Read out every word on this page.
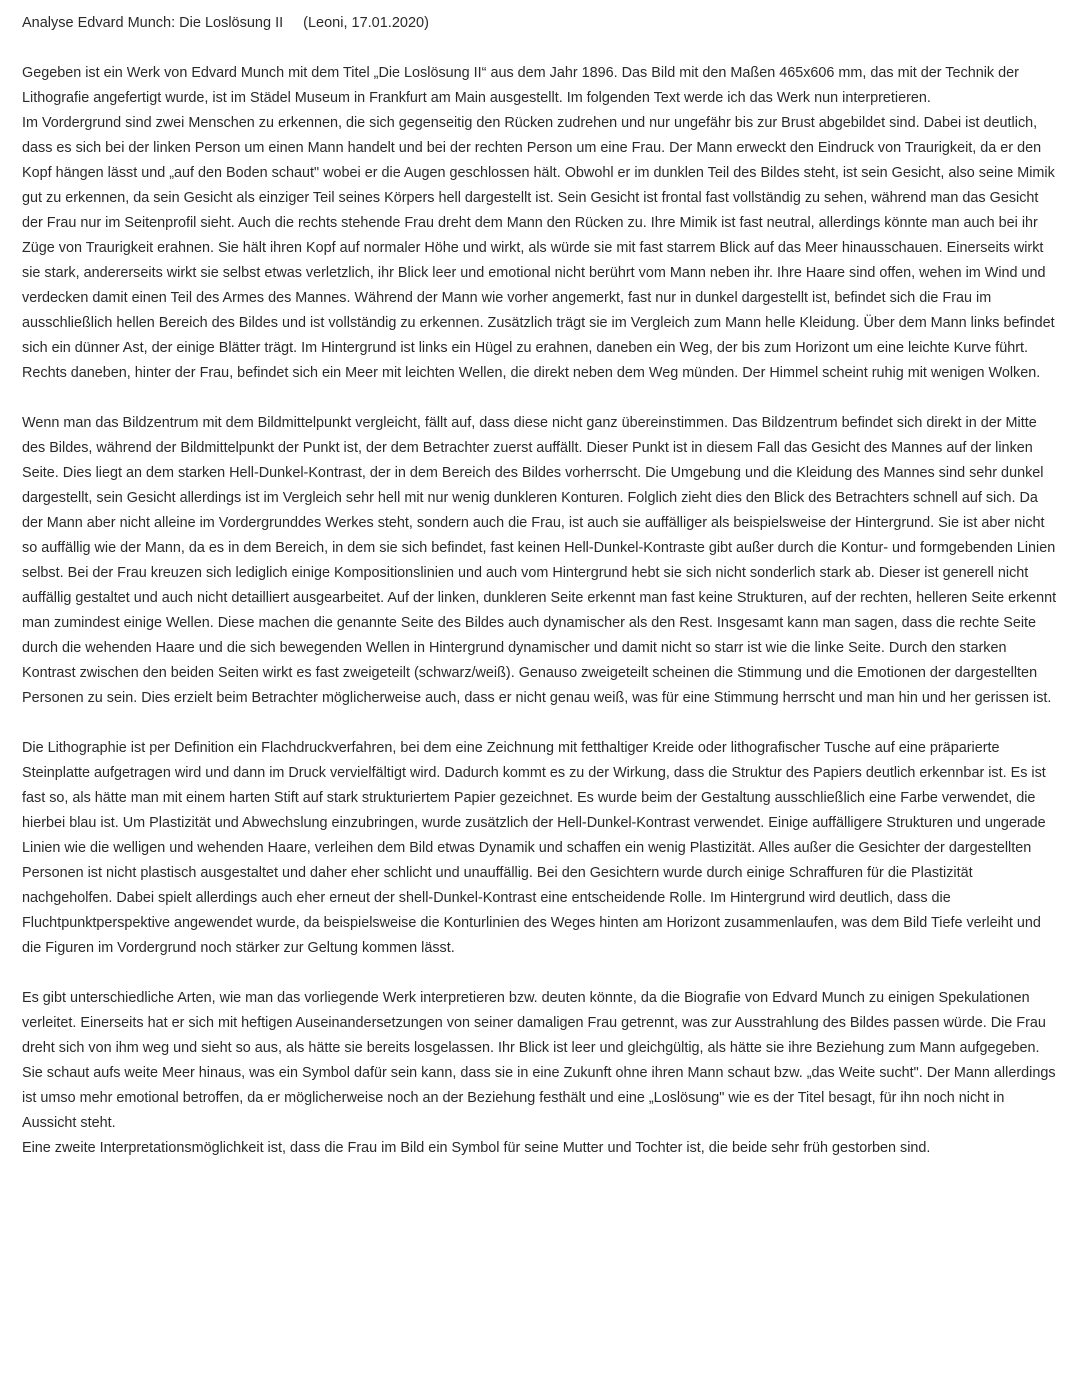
Analyse Edvard Munch: Die Loslösung II (Leoni, 17.01.2020)

Gegeben ist ein Werk von Edvard Munch mit dem Titel „Die Loslösung II“ aus dem Jahr 1896. Das Bild mit den Maßen 465x606 mm, das mit der Technik der Lithografie angefertigt wurde, ist im Städel Museum in Frankfurt am Main ausgestellt. Im folgenden Text werde ich das Werk nun interpretieren.

Im Vordergrund sind zwei Menschen zu erkennen, die sich gegenseitig den Rücken zudrehen und nur ungefähr bis zur Brust abgebildet sind. Dabei ist deutlich, dass es sich bei der linken Person um einen Mann handelt und bei der rechten Person um eine Frau. Der Mann erweckt den Eindruck von Traurigkeit, da er den Kopf hängen lässt und „auf den Boden schaut" wobei er die Augen geschlossen hält. Obwohl er im dunklen Teil des Bildes steht, ist sein Gesicht, also seine Mimik gut zu erkennen, da sein Gesicht als einziger Teil seines Körpers hell dargestellt ist. Sein Gesicht ist frontal fast vollständig zu sehen, während man das Gesicht der Frau nur im Seitenprofil sieht. Auch die rechts stehende Frau dreht dem Mann den Rücken zu. Ihre Mimik ist fast neutral, allerdings könnte man auch bei ihr Züge von Traurigkeit erahnen. Sie hält ihren Kopf auf normaler Höhe und wirkt, als würde sie mit fast starrem Blick auf das Meer hinausschauen. Einerseits wirkt sie stark, andererseits wirkt sie selbst etwas verletzlich, ihr Blick leer und emotional nicht berührt vom Mann neben ihr. Ihre Haare sind offen, wehen im Wind und verdecken damit einen Teil des Armes des Mannes. Während der Mann wie vorher angemerkt, fast nur in dunkel dargestellt ist, befindet sich die Frau im ausschließlich hellen Bereich des Bildes und ist vollständig zu erkennen. Zusätzlich trägt sie im Vergleich zum Mann helle Kleidung. Über dem Mann links befindet sich ein dünner Ast, der einige Blätter trägt. Im Hintergrund ist links ein Hügel zu erahnen, daneben ein Weg, der bis zum Horizont um eine leichte Kurve führt. Rechts daneben, hinter der Frau, befindet sich ein Meer mit leichten Wellen, die direkt neben dem Weg münden. Der Himmel scheint ruhig mit wenigen Wolken.

Wenn man das Bildzentrum mit dem Bildmittelpunkt vergleicht, fällt auf, dass diese nicht ganz übereinstimmen. Das Bildzentrum befindet sich direkt in der Mitte des Bildes, während der Bildmittelpunkt der Punkt ist, der dem Betrachter zuerst auffällt. Dieser Punkt ist in diesem Fall das Gesicht des Mannes auf der linken Seite. Dies liegt an dem starken Hell-Dunkel-Kontrast, der in dem Bereich des Bildes vorherrscht. Die Umgebung und die Kleidung des Mannes sind sehr dunkel dargestellt, sein Gesicht allerdings ist im Vergleich sehr hell mit nur wenig dunkleren Konturen. Folglich zieht dies den Blick des Betrachters schnell auf sich. Da der Mann aber nicht alleine im Vordergrunddes Werkes steht, sondern auch die Frau, ist auch sie auffälliger als beispielsweise der Hintergrund. Sie ist aber nicht so auffällig wie der Mann, da es in dem Bereich, in dem sie sich befindet, fast keinen Hell-Dunkel-Kontraste gibt außer durch die Kontur- und formgebenden Linien selbst. Bei der Frau kreuzen sich lediglich einige Kompositionslinien und auch vom Hintergrund hebt sie sich nicht sonderlich stark ab. Dieser ist generell nicht auffällig gestaltet und auch nicht detailliert ausgearbeitet. Auf der linken, dunkleren Seite erkennt man fast keine Strukturen, auf der rechten, helleren Seite erkennt man zumindest einige Wellen. Diese machen die genannte Seite des Bildes auch dynamischer als den Rest. Insgesamt kann man sagen, dass die rechte Seite durch die wehenden Haare und die sich bewegenden Wellen in Hintergrund dynamischer und damit nicht so starr ist wie die linke Seite. Durch den starken Kontrast zwischen den beiden Seiten wirkt es fast zweigeteilt (schwarz/weiß). Genauso zweigeteilt scheinen die Stimmung und die Emotionen der dargestellten Personen zu sein. Dies erzielt beim Betrachter möglicherweise auch, dass er nicht genau weiß, was für eine Stimmung herrscht und man hin und her gerissen ist.

Die Lithographie ist per Definition ein Flachdruckverfahren, bei dem eine Zeichnung mit fetthaltiger Kreide oder lithografischer Tusche auf eine präparierte Steinplatte aufgetragen wird und dann im Druck vervielfältigt wird. Dadurch kommt es zu der Wirkung, dass die Struktur des Papiers deutlich erkennbar ist. Es ist fast so, als hätte man mit einem harten Stift auf stark strukturiertem Papier gezeichnet. Es wurde beim der Gestaltung ausschließlich eine Farbe verwendet, die hierbei blau ist. Um Plastizität und Abwechslung einzubringen, wurde zusätzlich der Hell-Dunkel-Kontrast verwendet. Einige auffälligere Strukturen und ungerade Linien wie die welligen und wehenden Haare, verleihen dem Bild etwas Dynamik und schaffen ein wenig Plastizität. Alles außer die Gesichter der dargestellten Personen ist nicht plastisch ausgestaltet und daher eher schlicht und unauffällig. Bei den Gesichtern wurde durch einige Schraffuren für die Plastizität nachgeholfen. Dabei spielt allerdings auch eher erneut der shell-Dunkel-Kontrast eine entscheidende Rolle. Im Hintergrund wird deutlich, dass die Fluchtpunktperspektive angewendet wurde, da beispielsweise die Konturlinien des Weges hinten am Horizont zusammenlaufen, was dem Bild Tiefe verleiht und die Figuren im Vordergrund noch stärker zur Geltung kommen lässt.

Es gibt unterschiedliche Arten, wie man das vorliegende Werk interpretieren bzw. deuten könnte, da die Biografie von Edvard Munch zu einigen Spekulationen verleitet. Einerseits hat er sich mit heftigen Auseinandersetzungen von seiner damaligen Frau getrennt, was zur Ausstrahlung des Bildes passen würde. Die Frau dreht sich von ihm weg und sieht so aus, als hätte sie bereits losgelassen. Ihr Blick ist leer und gleichgültig, als hätte sie ihre Beziehung zum Mann aufgegeben. Sie schaut aufs weite Meer hinaus, was ein Symbol dafür sein kann, dass sie in eine Zukunft ohne ihren Mann schaut bzw. „das Weite sucht". Der Mann allerdings ist umso mehr emotional betroffen, da er möglicherweise noch an der Beziehung festhält und eine „Loslösung" wie es der Titel besagt, für ihn noch nicht in Aussicht steht.

Eine zweite Interpretationsmöglichkeit ist, dass die Frau im Bild ein Symbol für seine Mutter und Tochter ist, die beide sehr früh gestorben sind.
